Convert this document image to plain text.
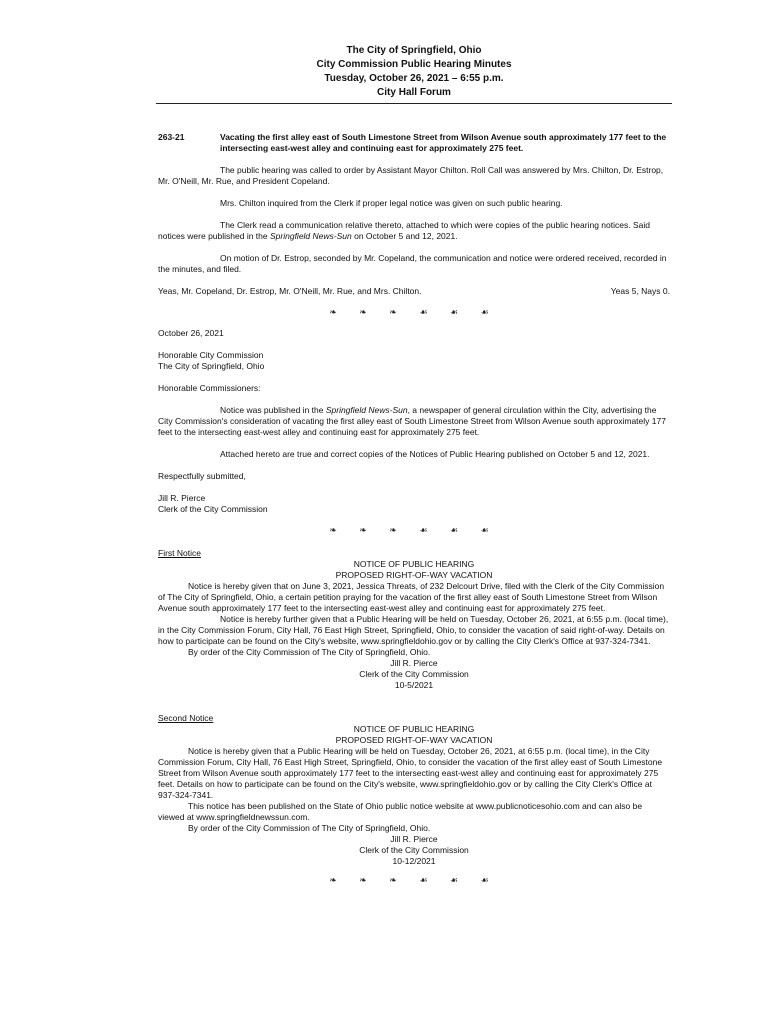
The City of Springfield, Ohio
City Commission Public Hearing Minutes
Tuesday, October 26, 2021 – 6:55 p.m.
City Hall Forum
263-21	Vacating the first alley east of South Limestone Street from Wilson Avenue south approximately 177 feet to the intersecting east-west alley and continuing east for approximately 275 feet.

The public hearing was called to order by Assistant Mayor Chilton. Roll Call was answered by Mrs. Chilton, Dr. Estrop, Mr. O'Neill, Mr. Rue, and President Copeland.

Mrs. Chilton inquired from the Clerk if proper legal notice was given on such public hearing.

The Clerk read a communication relative thereto, attached to which were copies of the public hearing notices. Said notices were published in the Springfield News-Sun on October 5 and 12, 2021.

On motion of Dr. Estrop, seconded by Mr. Copeland, the communication and notice were ordered received, recorded in the minutes, and filed.

Yeas, Mr. Copeland, Dr. Estrop, Mr. O'Neill, Mr. Rue, and Mrs. Chilton.	Yeas 5, Nays 0.
❧ ❧ ❧ ☙ ☙ ☙

October 26, 2021

Honorable City Commission

The City of Springfield, Ohio

Honorable Commissioners:

Notice was published in the Springfield News-Sun, a newspaper of general circulation within the City, advertising the City Commission's consideration of vacating the first alley east of South Limestone Street from Wilson Avenue south approximately 177 feet to the intersecting east-west alley and continuing east for approximately 275 feet.

Attached hereto are true and correct copies of the Notices of Public Hearing published on October 5 and 12, 2021.

Respectfully submitted,

Jill R. Pierce

Clerk of the City Commission

❧ ❧ ❧ ☙ ☙ ☙

First Notice

NOTICE OF PUBLIC HEARING

PROPOSED RIGHT-OF-WAY VACATION

Notice is hereby given that on June 3, 2021, Jessica Threats, of 232 Delcourt Drive, filed with the Clerk of the City Commission of The City of Springfield, Ohio, a certain petition praying for the vacation of the first alley east of South Limestone Street from Wilson Avenue south approximately 177 feet to the intersecting east-west alley and continuing east for approximately 275 feet.

Notice is hereby further given that a Public Hearing will be held on Tuesday, October 26, 2021, at 6:55 p.m. (local time), in the City Commission Forum, City Hall, 76 East High Street, Springfield, Ohio, to consider the vacation of said right-of-way. Details on how to participate can be found on the City's website, www.springfieldohio.gov or by calling the City Clerk's Office at 937-324-7341.

By order of the City Commission of The City of Springfield, Ohio.

Jill R. Pierce

Clerk of the City Commission

10-5/2021

Second Notice

NOTICE OF PUBLIC HEARING

PROPOSED RIGHT-OF-WAY VACATION

Notice is hereby given that a Public Hearing will be held on Tuesday, October 26, 2021, at 6:55 p.m. (local time), in the City Commission Forum, City Hall, 76 East High Street, Springfield, Ohio, to consider the vacation of the first alley east of South Limestone Street from Wilson Avenue south approximately 177 feet to the intersecting east-west alley and continuing east for approximately 275 feet. Details on how to participate can be found on the City's website, www.springfieldohio.gov or by calling the City Clerk's Office at 937-324-7341.

This notice has been published on the State of Ohio public notice website at www.publicnoticesohio.com and can also be viewed at www.springfieldnewssun.com.

By order of the City Commission of The City of Springfield, Ohio.

Jill R. Pierce

Clerk of the City Commission

10-12/2021

❧ ❧ ❧ ☙ ☙ ☙
